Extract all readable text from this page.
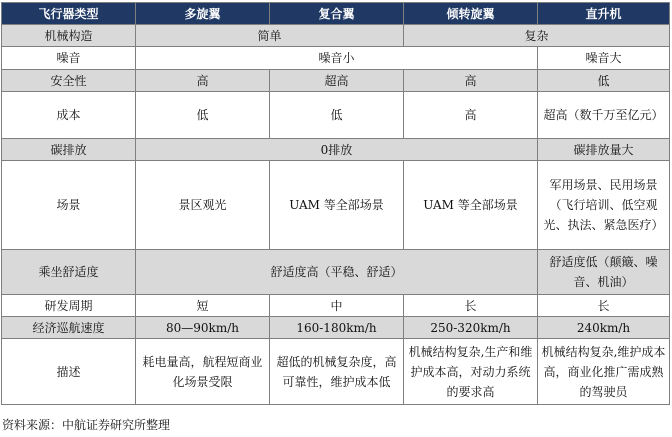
飞行器类型	多旋翼	复合翼	倾转旋翼	直升机
机械构造	简单		复杂	
噪音	噪音小			噪音大
安全性	高	超高	高	低
成本	低	低	高	超高（数千万至亿元）
碳排放	0排放			碳排放量大
场景	景区观光	UAM 等全部场景	UAM 等全部场景	军用场景、民用场景（飞行培训、低空观光、执法、紧急医疗）
乘坐舒适度	舒适度高（平稳、舒适）			舒适度低（颠簸、噪音、机油）
研发周期	短	中	长	长
经济巡航速度	80—90km/h	160-180km/h	250-320km/h	240km/h
描述	耗电量高，航程短商业化场景受限	超低的机械复杂度，高可靠性，维护成本低	机械结构复杂,生产和维护成本高，对动力系统的要求高	机械结构复杂,维护成本高，商业化推广需成熟的驾驶员
资料来源：中航证券研究所整理
